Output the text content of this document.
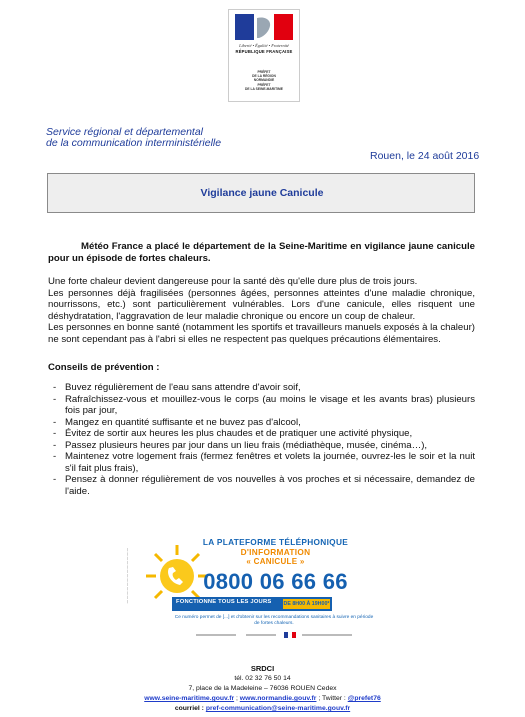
Liberté • Égalité • Fraternité
RÉPUBLIQUE FRANÇAISE
PRÉFET
DE LA RÉGION
NORMANDIE
PRÉFET
DE LA SEINE-MARITIME
Service régional et départemental
de la communication interministérielle
Rouen, le 24 août 2016
Vigilance jaune Canicule
Météo France a placé le département de la Seine-Maritime en vigilance jaune canicule pour un épisode de fortes chaleurs.

Une forte chaleur devient dangereuse pour la santé dès qu'elle dure plus de trois jours.

Les personnes déjà fragilisées (personnes âgées, personnes atteintes d'une maladie chronique, nourrissons, etc.) sont particulièrement vulnérables. Lors d'une canicule, elles risquent une déshydratation, l'aggravation de leur maladie chronique ou encore un coup de chaleur.

Les personnes en bonne santé (notamment les sportifs et travailleurs manuels exposés à la chaleur) ne sont cependant pas à l'abri si elles ne respectent pas quelques précautions élémentaires.

Conseils de prévention :
- Buvez régulièrement de l'eau sans attendre d'avoir soif,
- Rafraîchissez-vous et mouillez-vous le corps (au moins le visage et les avants bras) plusieurs fois par jour,
- Mangez en quantité suffisante et ne buvez pas d'alcool,
- Évitez de sortir aux heures les plus chaudes et de pratiquer une activité physique,
- Passez plusieurs heures par jour dans un lieu frais (médiathèque, musée, cinéma…),
- Maintenez votre logement frais (fermez fenêtres et volets la journée, ouvrez-les le soir et la nuit s'il fait plus frais),
- Pensez à donner régulièrement de vos nouvelles à vos proches et si nécessaire, demandez de l'aide.
— — — — — — — — — — — — —
LA PLATEFORME TÉLÉPHONIQUE
D'INFORMATION
« CANICULE »
0800 06 66 66
FONCTIONNE TOUS LES JOURS DE 8H00 À 19H00*
Ce numéro permet de [...] et d'obtenir sur les recommandations sanitaires à suivre en période de fortes chaleurs.
SRDCI
tél. 02 32 76 50 14
7, place de la Madeleine – 76036 ROUEN Cedex
www.seine-maritime.gouv.fr ; www.normandie.gouv.fr ; Twitter : @prefet76
courriel : pref-communication@seine-maritime.gouv.fr
